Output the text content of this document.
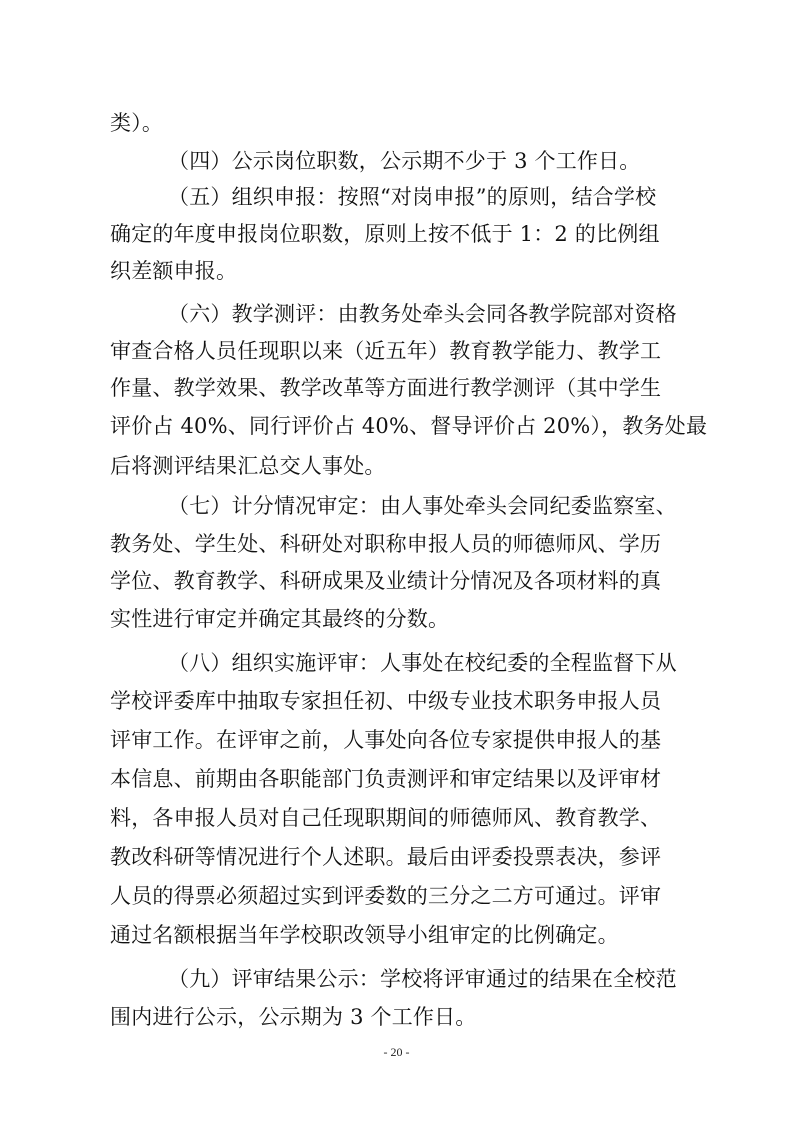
类）。
（四）公示岗位职数，公示期不少于 3 个工作日。
（五）组织申报：按照“对岗申报”的原则，结合学校
确定的年度申报岗位职数，原则上按不低于 1：2 的比例组
织差额申报。
（六）教学测评：由教务处牵头会同各教学院部对资格
审查合格人员任现职以来（近五年）教育教学能力、教学工
作量、教学效果、教学改革等方面进行教学测评（其中学生
评价占 40%、同行评价占 40%、督导评价占 20%），教务处最
后将测评结果汇总交人事处。
（七）计分情况审定：由人事处牵头会同纪委监察室、
教务处、学生处、科研处对职称申报人员的师德师风、学历
学位、教育教学、科研成果及业绩计分情况及各项材料的真
实性进行审定并确定其最终的分数。
（八）组织实施评审：人事处在校纪委的全程监督下从
学校评委库中抽取专家担任初、中级专业技术职务申报人员
评审工作。在评审之前，人事处向各位专家提供申报人的基
本信息、前期由各职能部门负责测评和审定结果以及评审材
料，各申报人员对自己任现职期间的师德师风、教育教学、
教改科研等情况进行个人述职。最后由评委投票表决，参评
人员的得票必须超过实到评委数的三分之二方可通过。评审
通过名额根据当年学校职改领导小组审定的比例确定。
（九）评审结果公示：学校将评审通过的结果在全校范
围内进行公示，公示期为 3 个工作日。
- 20 -
